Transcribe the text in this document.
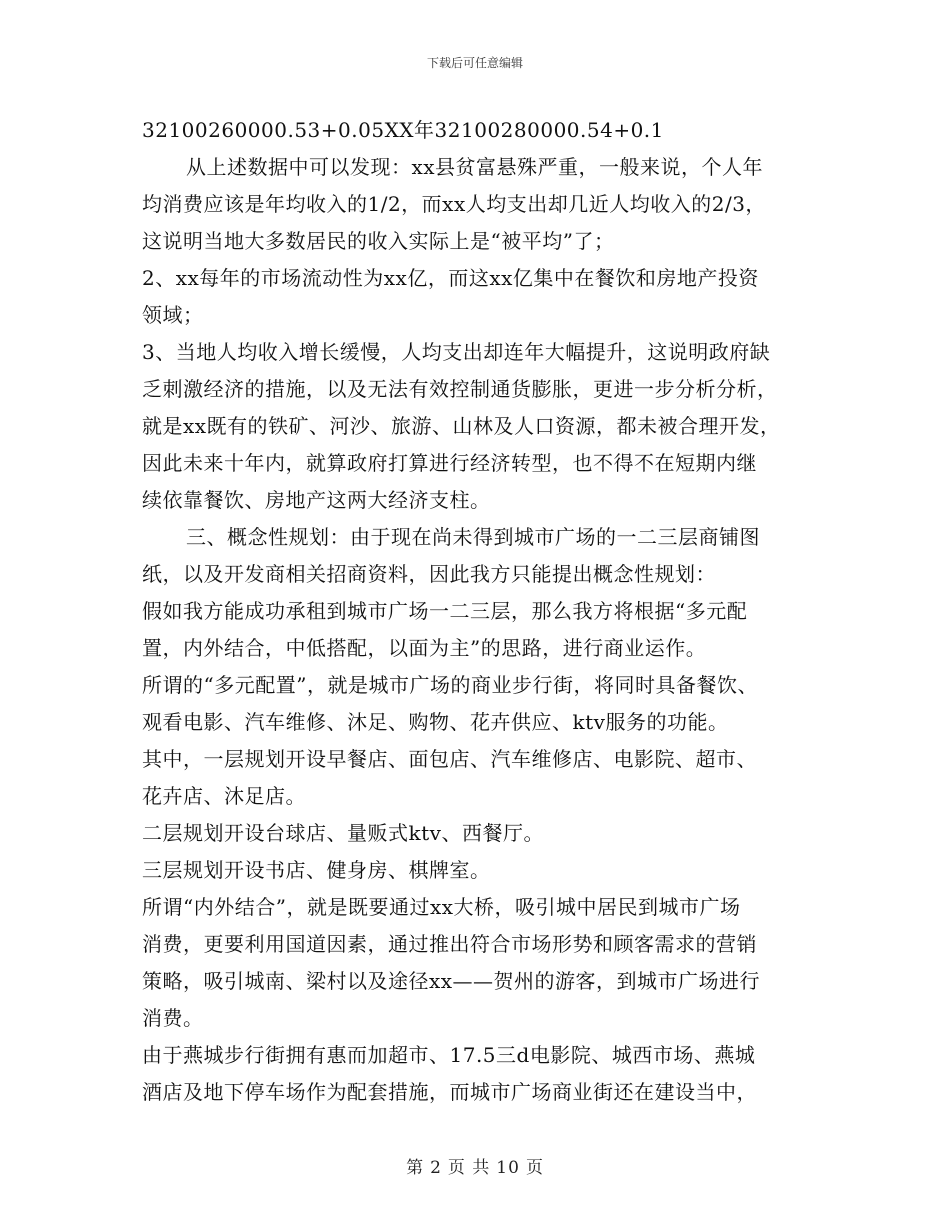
下载后可任意编辑
32100260000.53+0.05XX年32100280000.54+0.1
从上述数据中可以发现：xx县贫富悬殊严重，一般来说，个人年
均消费应该是年均收入的1/2，而xx人均支出却几近人均收入的2/3，
这说明当地大多数居民的收入实际上是“被平均”了；
2、xx每年的市场流动性为xx亿，而这xx亿集中在餐饮和房地产投资
领域；
3、当地人均收入增长缓慢，人均支出却连年大幅提升，这说明政府缺
乏刺激经济的措施，以及无法有效控制通货膨胀，更进一步分析分析，
就是xx既有的铁矿、河沙、旅游、山林及人口资源，都未被合理开发，
因此未来十年内，就算政府打算进行经济转型，也不得不在短期内继
续依靠餐饮、房地产这两大经济支柱。
三、概念性规划：由于现在尚未得到城市广场的一二三层商铺图
纸，以及开发商相关招商资料，因此我方只能提出概念性规划：
假如我方能成功承租到城市广场一二三层，那么我方将根据“多元配
置，内外结合，中低搭配，以面为主”的思路，进行商业运作。
所谓的“多元配置”，就是城市广场的商业步行街，将同时具备餐饮、
观看电影、汽车维修、沐足、购物、花卉供应、ktv服务的功能。
其中，一层规划开设早餐店、面包店、汽车维修店、电影院、超市、
花卉店、沐足店。
二层规划开设台球店、量贩式ktv、西餐厅。
三层规划开设书店、健身房、棋牌室。
所谓“内外结合”，就是既要通过xx大桥，吸引城中居民到城市广场
消费，更要利用国道因素，通过推出符合市场形势和顾客需求的营销
策略，吸引城南、梁村以及途径xx——贺州的游客，到城市广场进行
消费。
由于燕城步行街拥有惠而加超市、17.5三d电影院、城西市场、燕城
酒店及地下停车场作为配套措施，而城市广场商业街还在建设当中，
第 2 页 共 10 页
